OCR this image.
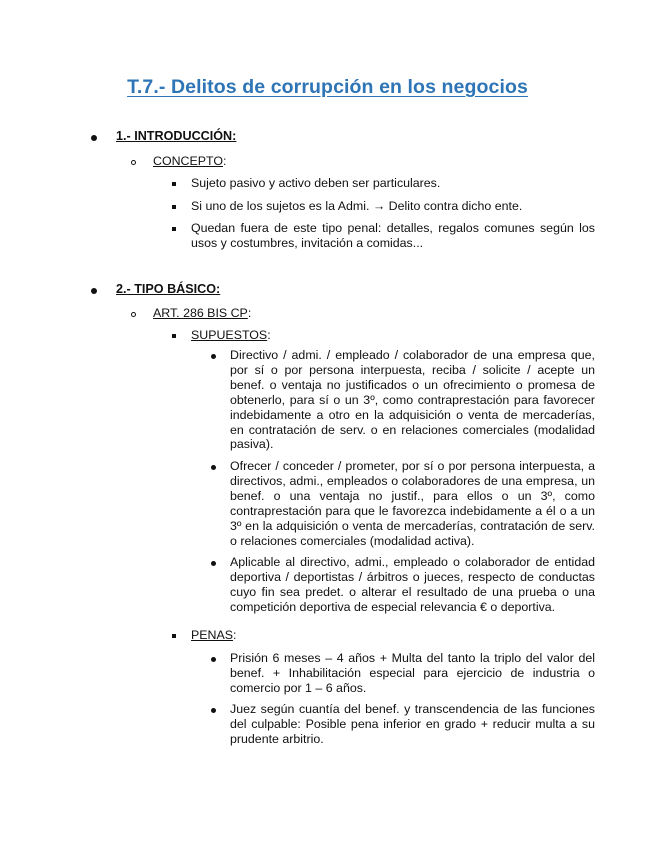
T.7.- Delitos de corrupción en los negocios
1.- INTRODUCCIÓN:
CONCEPTO:
Sujeto pasivo y activo deben ser particulares.
Si uno de los sujetos es la Admi. → Delito contra dicho ente.
Quedan fuera de este tipo penal: detalles, regalos comunes según los usos y costumbres, invitación a comidas...
2.- TIPO BÁSICO:
ART. 286 BIS CP:
SUPUESTOS:
Directivo / admi. / empleado / colaborador de una empresa que, por sí o por persona interpuesta, reciba / solicite / acepte un benef. o ventaja no justificados o un ofrecimiento o promesa de obtenerlo, para sí o un 3º, como contraprestación para favorecer indebidamente a otro en la adquisición o venta de mercaderías, en contratación de serv. o en relaciones comerciales (modalidad pasiva).
Ofrecer / conceder / prometer, por sí o por persona interpuesta, a directivos, admi., empleados o colaboradores de una empresa, un benef. o una ventaja no justif., para ellos o un 3º, como contraprestación para que le favorezca indebidamente a él o a un 3º en la adquisición o venta de mercaderías, contratación de serv. o relaciones comerciales (modalidad activa).
Aplicable al directivo, admi., empleado o colaborador de entidad deportiva / deportistas / árbitros o jueces, respecto de conductas cuyo fin sea predet. o alterar el resultado de una prueba o una competición deportiva de especial relevancia € o deportiva.
PENAS:
Prisión 6 meses – 4 años + Multa del tanto la triplo del valor del benef. + Inhabilitación especial para ejercicio de industria o comercio por 1 – 6 años.
Juez según cuantía del benef. y transcendencia de las funciones del culpable: Posible pena inferior en grado + reducir multa a su prudente arbitrio.
